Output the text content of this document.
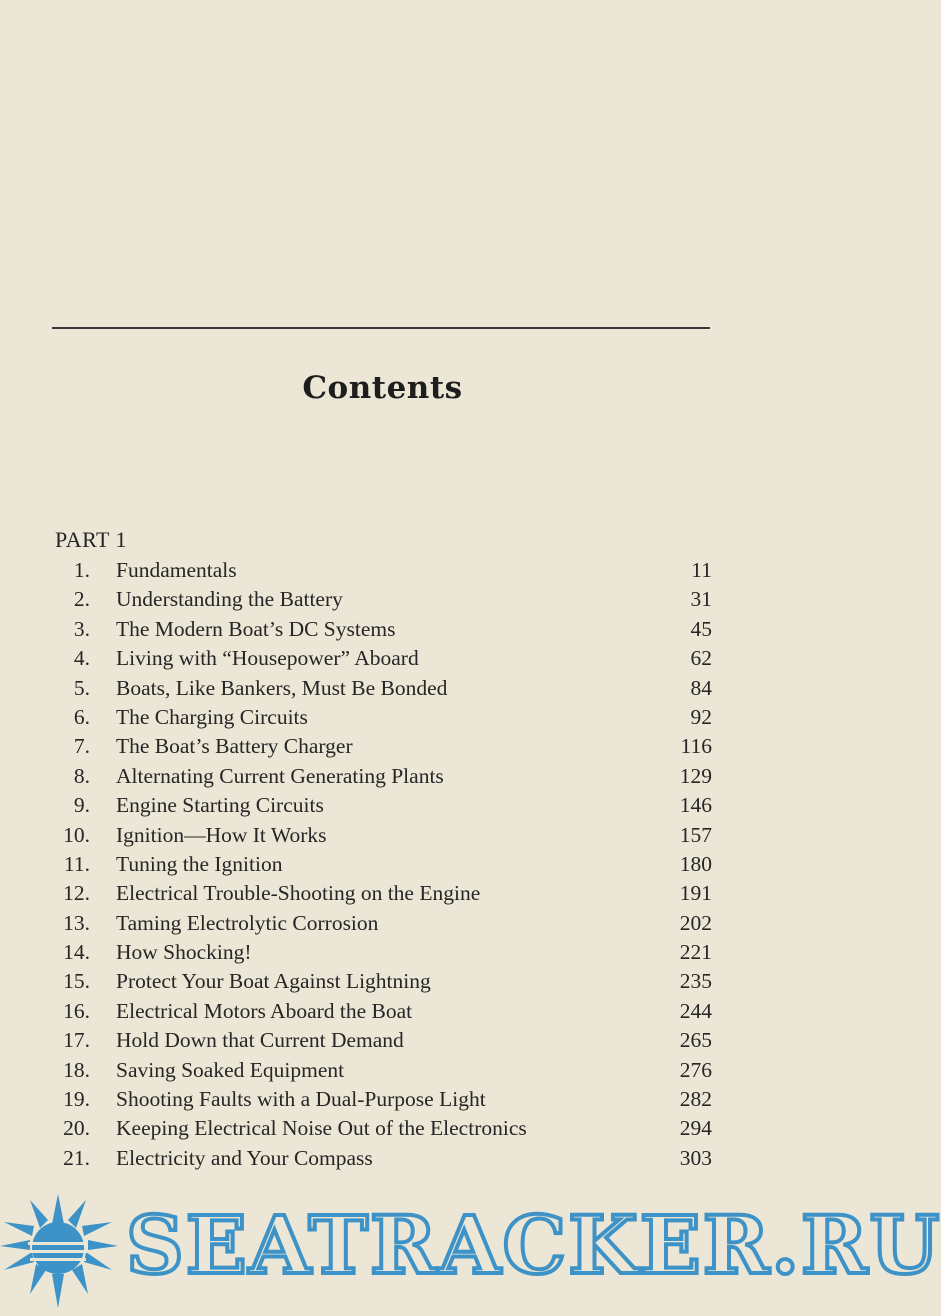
Contents
PART 1
1. Fundamentals	11
2. Understanding the Battery	31
3. The Modern Boat’s DC Systems	45
4. Living with “Housepower” Aboard	62
5. Boats, Like Bankers, Must Be Bonded	84
6. The Charging Circuits	92
7. The Boat’s Battery Charger	116
8. Alternating Current Generating Plants	129
9. Engine Starting Circuits	146
10. Ignition—How It Works	157
11. Tuning the Ignition	180
12. Electrical Trouble-Shooting on the Engine	191
13. Taming Electrolytic Corrosion	202
14. How Shocking!	221
15. Protect Your Boat Against Lightning	235
16. Electrical Motors Aboard the Boat	244
17. Hold Down that Current Demand	265
18. Saving Soaked Equipment	276
19. Shooting Faults with a Dual-Purpose Light	282
20. Keeping Electrical Noise Out of the Electronics	294
21. Electricity and Your Compass	303
SEATRACKER.RU
